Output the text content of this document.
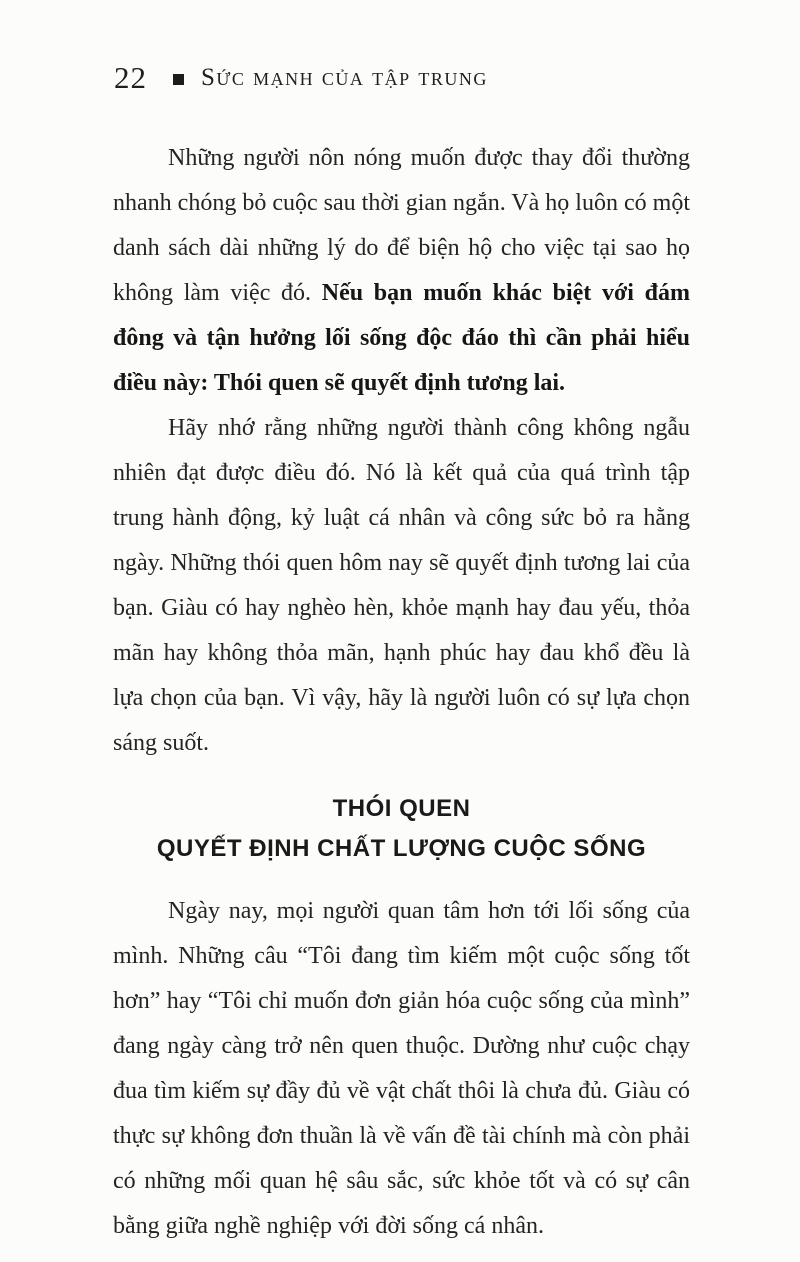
22 Sức mạnh của tập trung

Những người nôn nóng muốn được thay đổi thường nhanh chóng bỏ cuộc sau thời gian ngắn. Và họ luôn có một danh sách dài những lý do để biện hộ cho việc tại sao họ không làm việc đó. Nếu bạn muốn khác biệt với đám đông và tận hưởng lối sống độc đáo thì cần phải hiểu điều này: Thói quen sẽ quyết định tương lai.

Hãy nhớ rằng những người thành công không ngẫu nhiên đạt được điều đó. Nó là kết quả của quá trình tập trung hành động, kỷ luật cá nhân và công sức bỏ ra hằng ngày. Những thói quen hôm nay sẽ quyết định tương lai của bạn. Giàu có hay nghèo hèn, khỏe mạnh hay đau yếu, thỏa mãn hay không thỏa mãn, hạnh phúc hay đau khổ đều là lựa chọn của bạn. Vì vậy, hãy là người luôn có sự lựa chọn sáng suốt.

THÓI QUEN
QUYẾT ĐỊNH CHẤT LƯỢNG CUỘC SỐNG

Ngày nay, mọi người quan tâm hơn tới lối sống của mình. Những câu “Tôi đang tìm kiếm một cuộc sống tốt hơn” hay “Tôi chỉ muốn đơn giản hóa cuộc sống của mình” đang ngày càng trở nên quen thuộc. Dường như cuộc chạy đua tìm kiếm sự đầy đủ về vật chất thôi là chưa đủ. Giàu có thực sự không đơn thuần là về vấn đề tài chính mà còn phải có những mối quan hệ sâu sắc, sức khỏe tốt và có sự cân bằng giữa nghề nghiệp với đời sống cá nhân.
